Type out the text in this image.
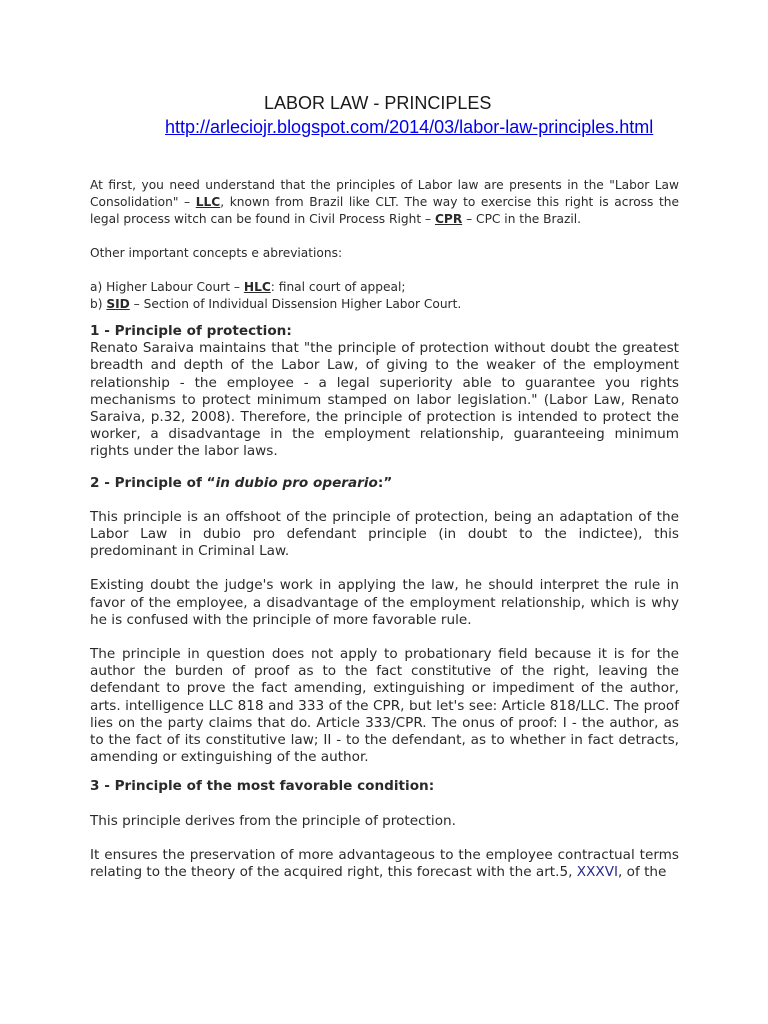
LABOR LAW - PRINCIPLES
http://arleciojr.blogspot.com/2014/03/labor-law-principles.html

At first, you need understand that the principles of Labor law are presents in the "Labor Law Consolidation" – LLC, known from Brazil like CLT. The way to exercise this right is across the legal process witch can be found in Civil Process Right – CPR – CPC in the Brazil.

Other important concepts e abreviations:

a) Higher Labour Court – HLC: final court of appeal;

b) SID – Section of Individual Dissension Higher Labor Court.

1 - Principle of protection:

Renato Saraiva maintains that "the principle of protection without doubt the greatest breadth and depth of the Labor Law, of giving to the weaker of the employment relationship - the employee - a legal superiority able to guarantee you rights mechanisms to protect minimum stamped on labor legislation." (Labor Law, Renato Saraiva, p.32, 2008). Therefore, the principle of protection is intended to protect the worker, a disadvantage in the employment relationship, guaranteeing minimum rights under the labor laws.

2 - Principle of “in dubio pro operario:”

This principle is an offshoot of the principle of protection, being an adaptation of the Labor Law in dubio pro defendant principle (in doubt to the indictee), this predominant in Criminal Law.

Existing doubt the judge's work in applying the law, he should interpret the rule in favor of the employee, a disadvantage of the employment relationship, which is why he is confused with the principle of more favorable rule.

The principle in question does not apply to probationary field because it is for the author the burden of proof as to the fact constitutive of the right, leaving the defendant to prove the fact amending, extinguishing or impediment of the author, arts. intelligence LLC 818 and 333 of the CPR, but let's see: Article 818/LLC. The proof lies on the party claims that do. Article 333/CPR. The onus of proof: I - the author, as to the fact of its constitutive law; II - to the defendant, as to whether in fact detracts, amending or extinguishing of the author.

3 - Principle of the most favorable condition:

This principle derives from the principle of protection.

It ensures the preservation of more advantageous to the employee contractual terms relating to the theory of the acquired right, this forecast with the art.5, XXXVI, of the
